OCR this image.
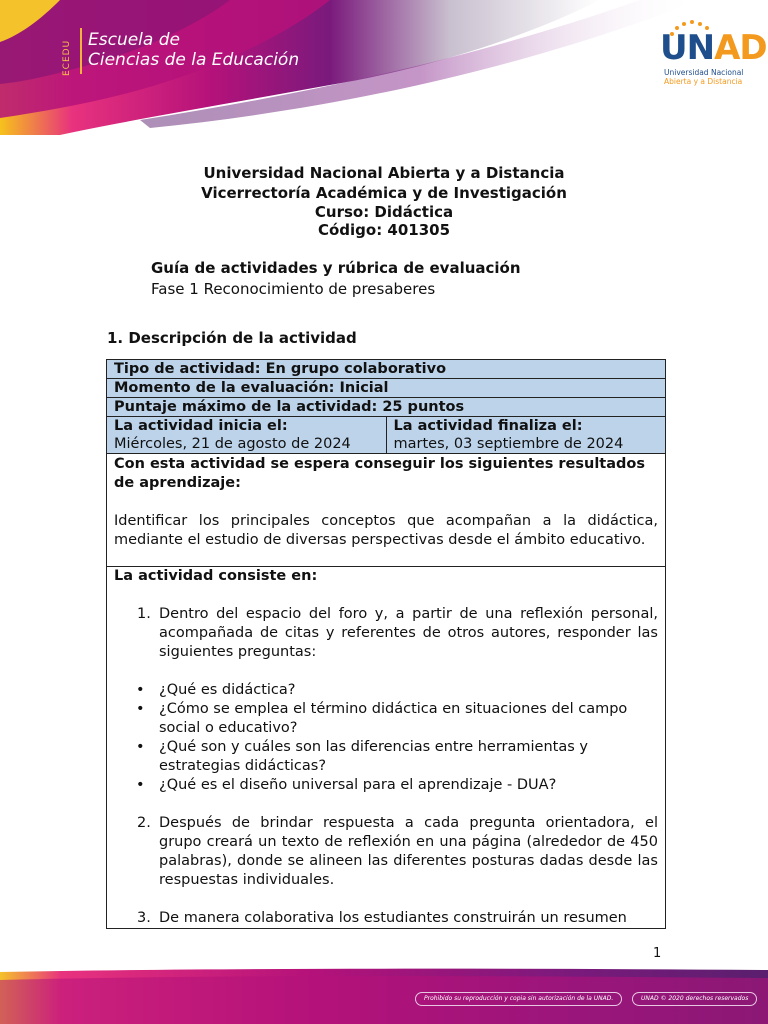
ECEDU Escuela de
Ciencias de la Educación	UNAD
Universidad Nacional
Abierta y a Distancia
Universidad Nacional Abierta y a Distancia
Vicerrectoría Académica y de Investigación
Curso: Didáctica
Código: 401305
Guía de actividades y rúbrica de evaluación
Fase 1 Reconocimiento de presaberes
1. Descripción de la actividad
Tipo de actividad: En grupo colaborativo
Momento de la evaluación: Inicial
Puntaje máximo de la actividad: 25 puntos

La actividad inicia el:
Miércoles, 21 de agosto de 2024

La actividad finaliza el:
martes, 03 septiembre de 2024

Con esta actividad se espera conseguir los siguientes resultados de aprendizaje:
Identificar los principales conceptos que acompañan a la didáctica, mediante el estudio de diversas perspectivas desde el ámbito educativo.

La actividad consiste en:
1. Dentro del espacio del foro y, a partir de una reflexión personal, acompañada de citas y referentes de otros autores, responder las siguientes preguntas:
• ¿Qué es didáctica?
• ¿Cómo se emplea el término didáctica en situaciones del campo social o educativo?
• ¿Qué son y cuáles son las diferencias entre herramientas y estrategias didácticas?
• ¿Qué es el diseño universal para el aprendizaje - DUA?
2. Después de brindar respuesta a cada pregunta orientadora, el grupo creará un texto de reflexión en una página (alrededor de 450 palabras), donde se alineen las diferentes posturas dadas desde las respuestas individuales.
3. De manera colaborativa los estudiantes construirán un resumen
1
Prohibido su reproducción y copia sin autorización de la UNAD.	UNAD © 2020 derechos reservados
